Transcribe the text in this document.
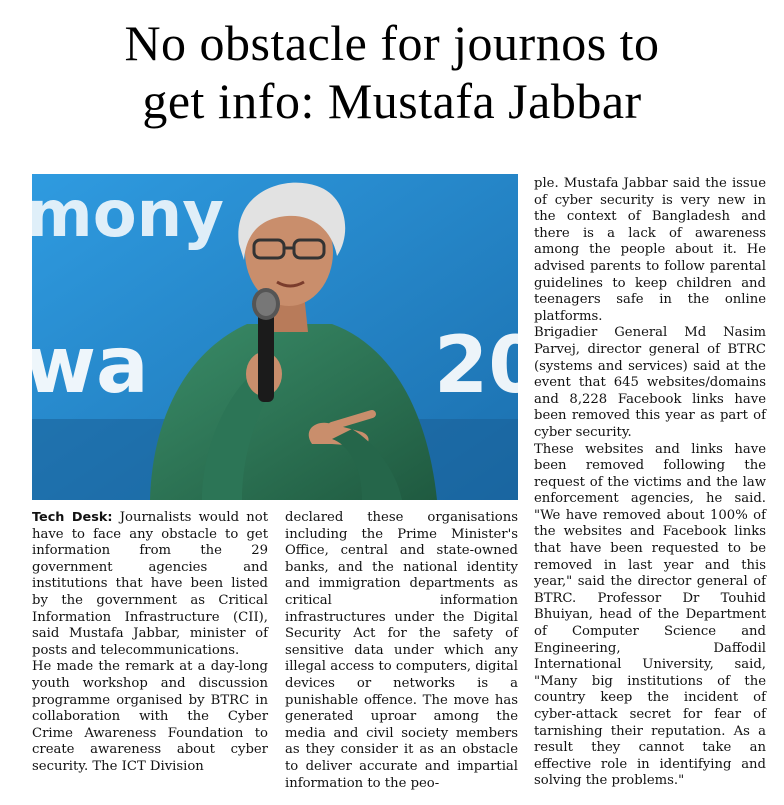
No obstacle for journos to
get info: Mustafa Jabbar
mony
wa	20

Tech Desk: Journalists would not have to face any obstacle to get information from the 29 government agencies and institutions that have been listed by the government as Critical Information Infrastructure (CII), said Mustafa Jabbar, minister of posts and telecommunications.

He made the remark at a day-long youth workshop and discussion programme organised by BTRC in collaboration with the Cyber Crime Awareness Foundation to create awareness about cyber security. The ICT Division

declared these organisations including the Prime Minister's Office, central and state-owned banks, and the national identity and immigration departments as critical information infrastructures under the Digital Security Act for the safety of sensitive data under which any illegal access to computers, digital devices or networks is a punishable offence. The move has generated uproar among the media and civil society members as they consider it as an obstacle to deliver accurate and impartial information to the peo-

ple. Mustafa Jabbar said the issue of cyber security is very new in the context of Bangladesh and there is a lack of awareness among the people about it. He advised parents to follow parental guidelines to keep children and teenagers safe in the online platforms.

Brigadier General Md Nasim Parvej, director general of BTRC (systems and services) said at the event that 645 websites/domains and 8,228 Facebook links have been removed this year as part of cyber security.

These websites and links have been removed following the request of the victims and the law enforcement agencies, he said. "We have removed about 100% of the websites and Facebook links that have been requested to be removed in last year and this year," said the director general of BTRC. Professor Dr Touhid Bhuiyan, head of the Department of Computer Science and Engineering, Daffodil International University, said, "Many big institutions of the country keep the incident of cyber-attack secret for fear of tarnishing their reputation. As a result they cannot take an effective role in identifying and solving the problems."
